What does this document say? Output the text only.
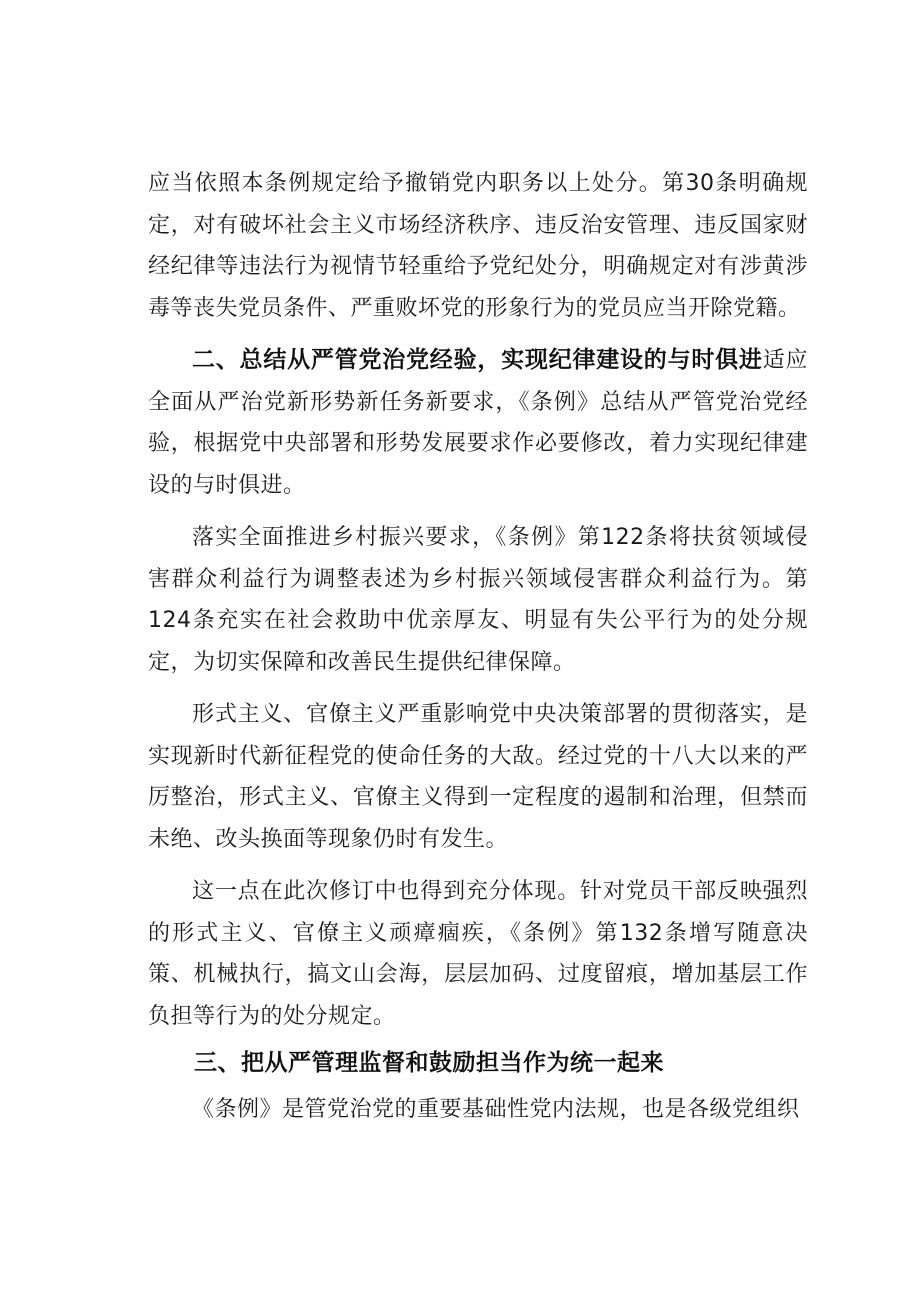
应当依照本条例规定给予撤销党内职务以上处分。第30条明确规定，对有破坏社会主义市场经济秩序、违反治安管理、违反国家财经纪律等违法行为视情节轻重给予党纪处分，明确规定对有涉黄涉毒等丧失党员条件、严重败坏党的形象行为的党员应当开除党籍。

二、总结从严管党治党经验，实现纪律建设的与时俱进适应全面从严治党新形势新任务新要求，《条例》总结从严管党治党经验，根据党中央部署和形势发展要求作必要修改，着力实现纪律建设的与时俱进。

落实全面推进乡村振兴要求，《条例》第122条将扶贫领域侵害群众利益行为调整表述为乡村振兴领域侵害群众利益行为。第124条充实在社会救助中优亲厚友、明显有失公平行为的处分规定，为切实保障和改善民生提供纪律保障。

形式主义、官僚主义严重影响党中央决策部署的贯彻落实，是实现新时代新征程党的使命任务的大敌。经过党的十八大以来的严厉整治，形式主义、官僚主义得到一定程度的遏制和治理，但禁而未绝、改头换面等现象仍时有发生。

这一点在此次修订中也得到充分体现。针对党员干部反映强烈的形式主义、官僚主义顽瘴痼疾，《条例》第132条增写随意决策、机械执行，搞文山会海，层层加码、过度留痕，增加基层工作负担等行为的处分规定。

三、把从严管理监督和鼓励担当作为统一起来

《条例》是管党治党的重要基础性党内法规，也是各级党组织
